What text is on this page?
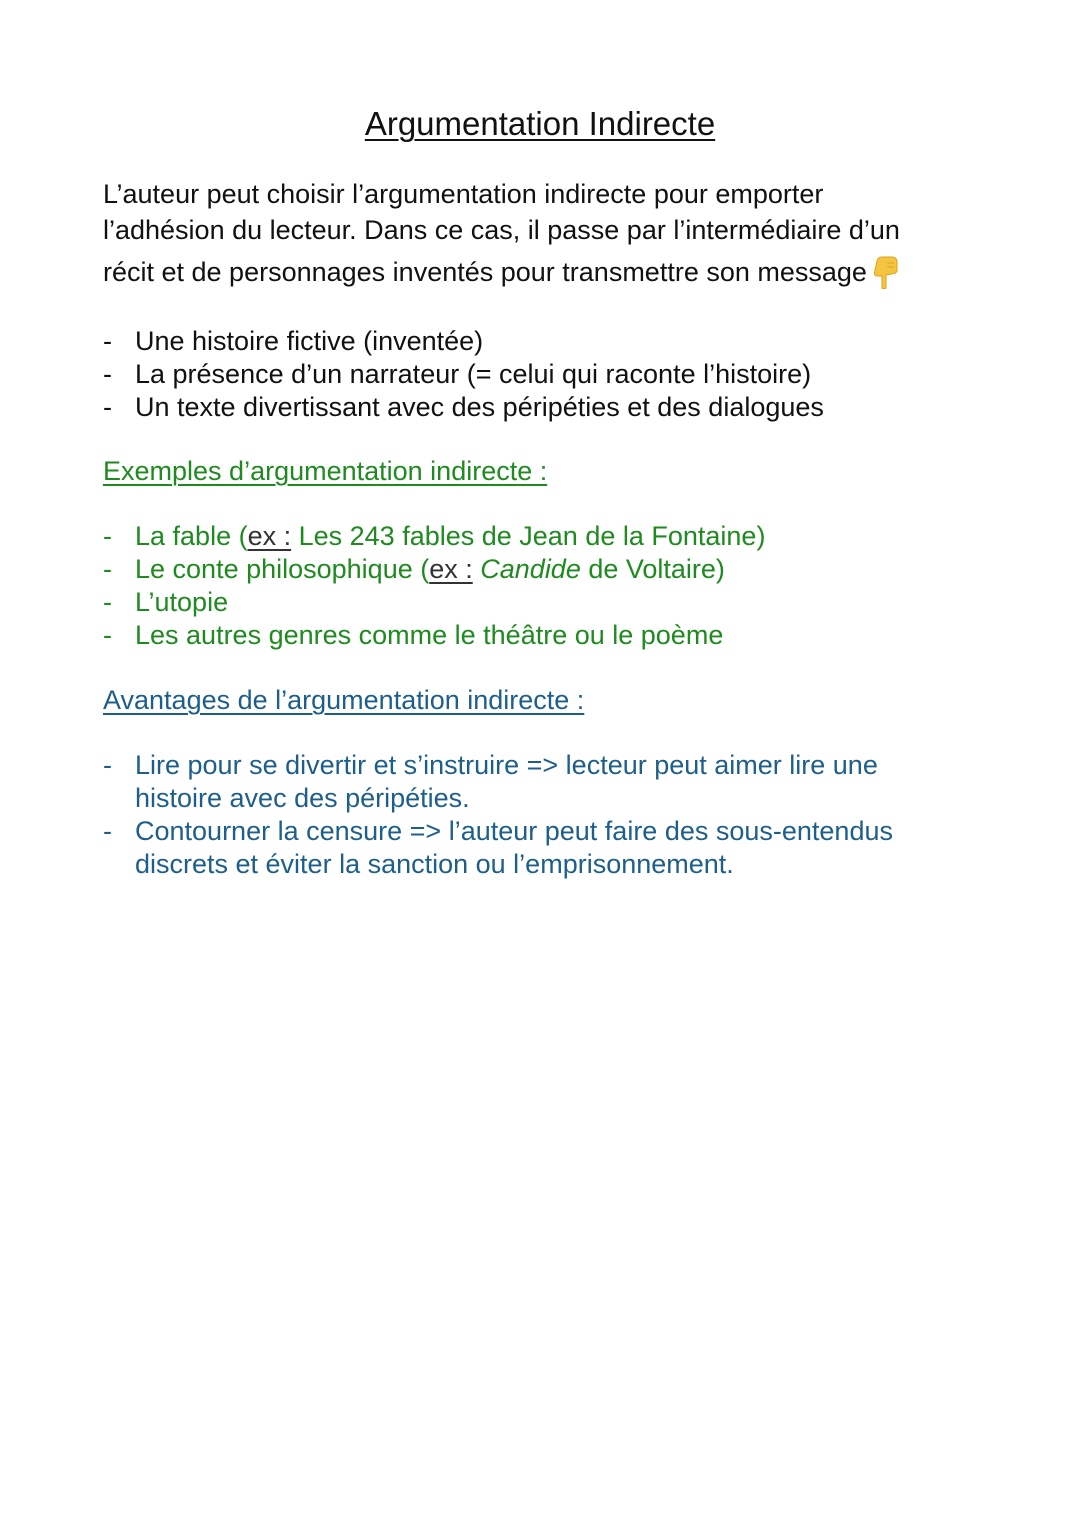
Argumentation Indirecte

L’auteur peut choisir l’argumentation indirecte pour emporter
l’adhésion du lecteur. Dans ce cas, il passe par l’intermédiaire d’un
récit et de personnages inventés pour transmettre son message

- Une histoire fictive (inventée)
- La présence d’un narrateur (= celui qui raconte l’histoire)
- Un texte divertissant avec des péripéties et des dialogues
Exemples d’argumentation indirecte :
- La fable (ex : Les 243 fables de Jean de la Fontaine)
- Le conte philosophique (ex : Candide de Voltaire)
- L’utopie
- Les autres genres comme le théâtre ou le poème
Avantages de l’argumentation indirecte :
- Lire pour se divertir et s’instruire => lecteur peut aimer lire une
histoire avec des péripéties.
- Contourner la censure => l’auteur peut faire des sous-entendus
discrets et éviter la sanction ou l’emprisonnement.
